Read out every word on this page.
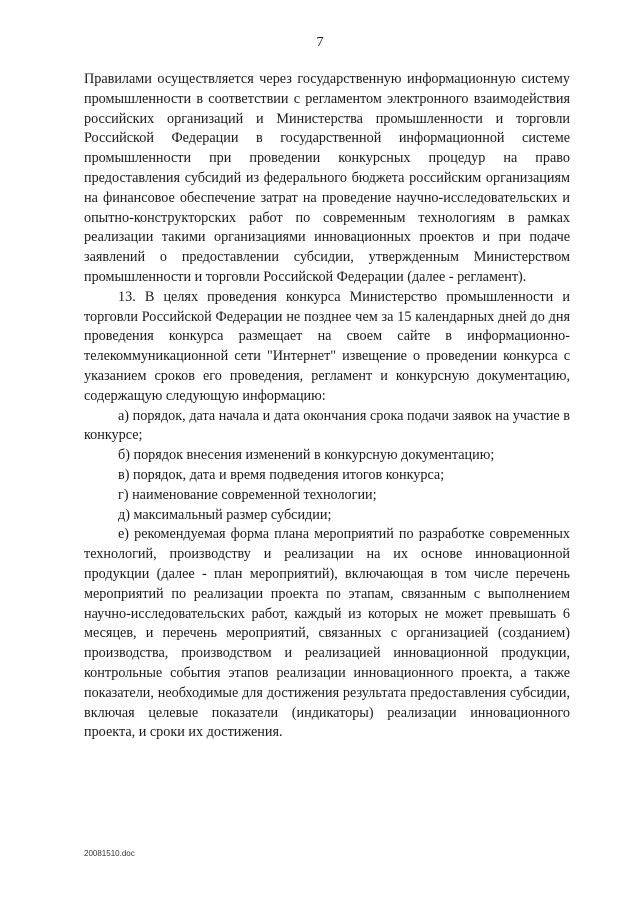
7

Правилами осуществляется через государственную информационную систему промышленности в соответствии с регламентом электронного взаимодействия российских организаций и Министерства промышленности и торговли Российской Федерации в государственной информационной системе промышленности при проведении конкурсных процедур на право предоставления субсидий из федерального бюджета российским организациям на финансовое обеспечение затрат на проведение научно-исследовательских и опытно-конструкторских работ по современным технологиям в рамках реализации такими организациями инновационных проектов и при подаче заявлений о предоставлении субсидии, утвержденным Министерством промышленности и торговли Российской Федерации (далее - регламент).

13. В целях проведения конкурса Министерство промышленности и торговли Российской Федерации не позднее чем за 15 календарных дней до дня проведения конкурса размещает на своем сайте в информационно-телекоммуникационной сети "Интернет" извещение о проведении конкурса с указанием сроков его проведения, регламент и конкурсную документацию, содержащую следующую информацию:

а) порядок, дата начала и дата окончания срока подачи заявок на участие в конкурсе;

б) порядок внесения изменений в конкурсную документацию;

в) порядок, дата и время подведения итогов конкурса;

г) наименование современной технологии;

д) максимальный размер субсидии;

е) рекомендуемая форма плана мероприятий по разработке современных технологий, производству и реализации на их основе инновационной продукции (далее - план мероприятий), включающая в том числе перечень мероприятий по реализации проекта по этапам, связанным с выполнением научно-исследовательских работ, каждый из которых не может превышать 6 месяцев, и перечень мероприятий, связанных с организацией (созданием) производства, производством и реализацией инновационной продукции, контрольные события этапов реализации инновационного проекта, а также показатели, необходимые для достижения результата предоставления субсидии, включая целевые показатели (индикаторы) реализации инновационного проекта, и сроки их достижения.

20081510.doc
